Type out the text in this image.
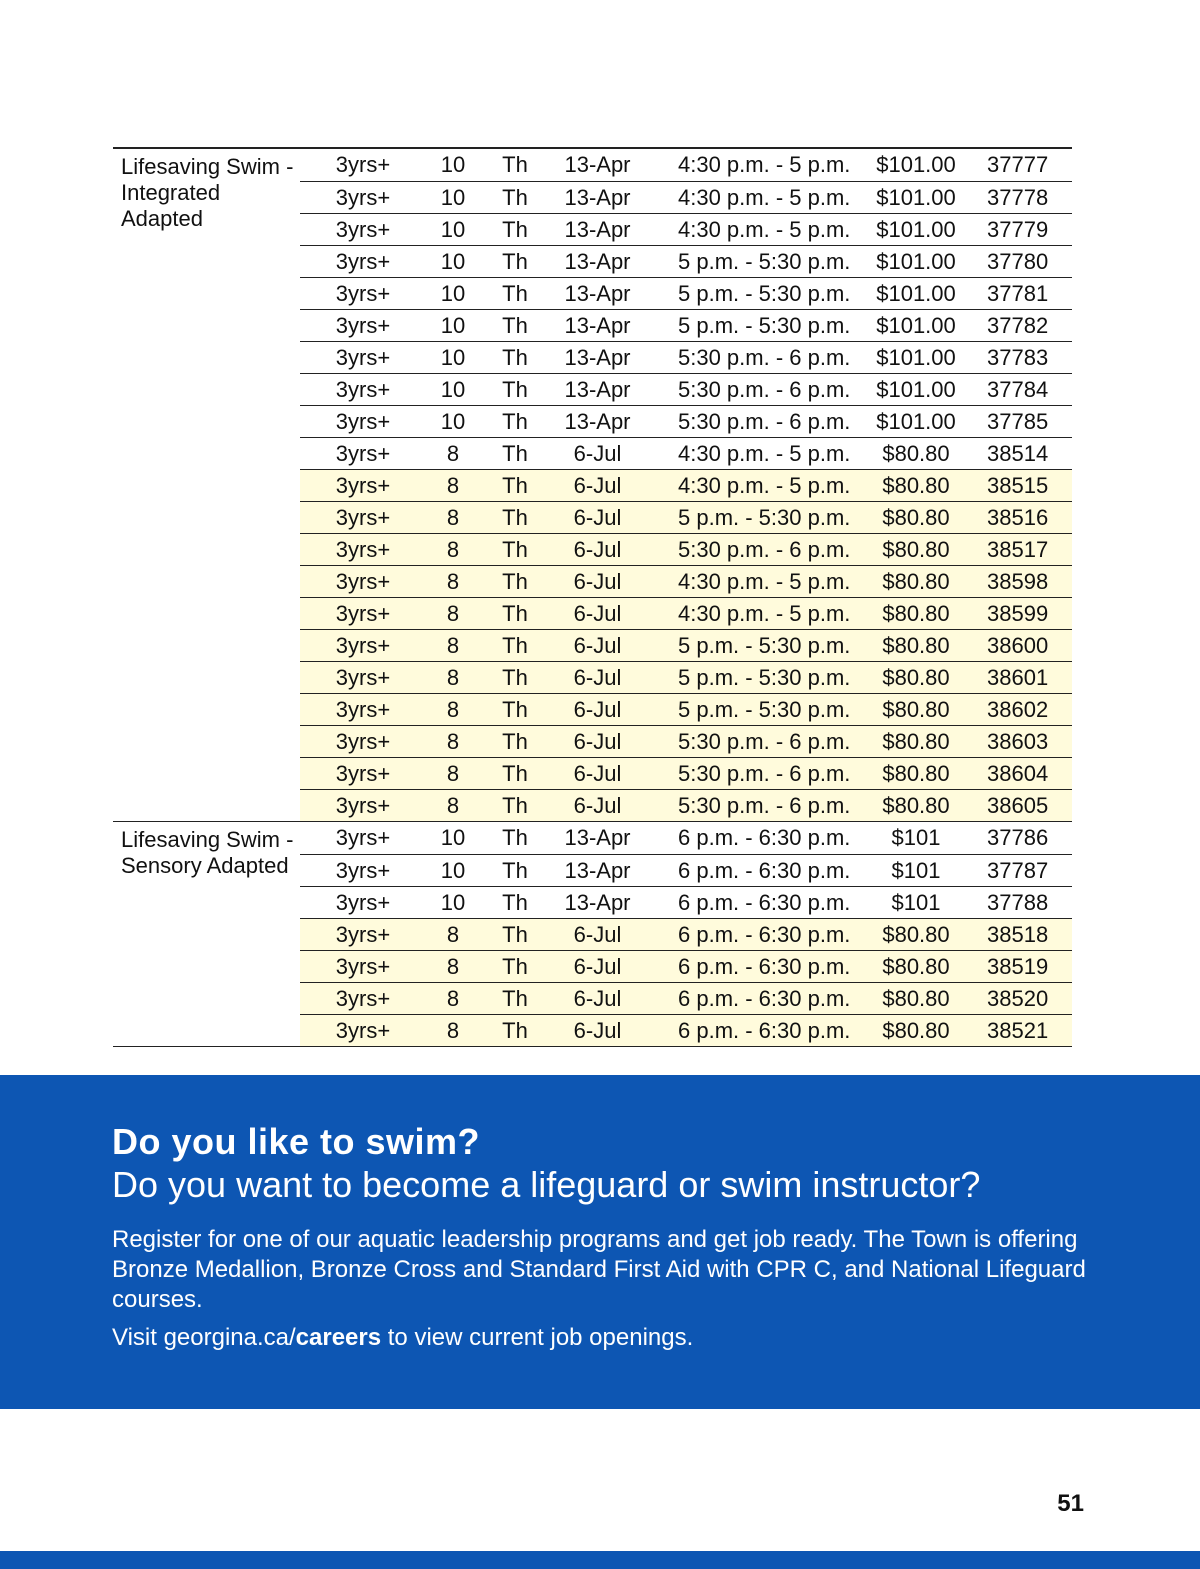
Lifesaving Swim - Integrated Adapted
3yrs+	10	Th	13-Apr	4:30 p.m. - 5 p.m.	$101.00	37777
3yrs+	10	Th	13-Apr	4:30 p.m. - 5 p.m.	$101.00	37778
3yrs+	10	Th	13-Apr	4:30 p.m. - 5 p.m.	$101.00	37779
3yrs+	10	Th	13-Apr	5 p.m. - 5:30 p.m.	$101.00	37780
3yrs+	10	Th	13-Apr	5 p.m. - 5:30 p.m.	$101.00	37781
3yrs+	10	Th	13-Apr	5 p.m. - 5:30 p.m.	$101.00	37782
3yrs+	10	Th	13-Apr	5:30 p.m. - 6 p.m.	$101.00	37783
3yrs+	10	Th	13-Apr	5:30 p.m. - 6 p.m.	$101.00	37784
3yrs+	10	Th	13-Apr	5:30 p.m. - 6 p.m.	$101.00	37785
3yrs+	8	Th	6-Jul	4:30 p.m. - 5 p.m.	$80.80	38514
3yrs+	8	Th	6-Jul	4:30 p.m. - 5 p.m.	$80.80	38515
3yrs+	8	Th	6-Jul	5 p.m. - 5:30 p.m.	$80.80	38516
3yrs+	8	Th	6-Jul	5:30 p.m. - 6 p.m.	$80.80	38517
3yrs+	8	Th	6-Jul	4:30 p.m. - 5 p.m.	$80.80	38598
3yrs+	8	Th	6-Jul	4:30 p.m. - 5 p.m.	$80.80	38599
3yrs+	8	Th	6-Jul	5 p.m. - 5:30 p.m.	$80.80	38600
3yrs+	8	Th	6-Jul	5 p.m. - 5:30 p.m.	$80.80	38601
3yrs+	8	Th	6-Jul	5 p.m. - 5:30 p.m.	$80.80	38602
3yrs+	8	Th	6-Jul	5:30 p.m. - 6 p.m.	$80.80	38603
3yrs+	8	Th	6-Jul	5:30 p.m. - 6 p.m.	$80.80	38604
3yrs+	8	Th	6-Jul	5:30 p.m. - 6 p.m.	$80.80	38605
Lifesaving Swim - Sensory Adapted
3yrs+	10	Th	13-Apr	6 p.m. - 6:30 p.m.	$101	37786
3yrs+	10	Th	13-Apr	6 p.m. - 6:30 p.m.	$101	37787
3yrs+	10	Th	13-Apr	6 p.m. - 6:30 p.m.	$101	37788
3yrs+	8	Th	6-Jul	6 p.m. - 6:30 p.m.	$80.80	38518
3yrs+	8	Th	6-Jul	6 p.m. - 6:30 p.m.	$80.80	38519
3yrs+	8	Th	6-Jul	6 p.m. - 6:30 p.m.	$80.80	38520
3yrs+	8	Th	6-Jul	6 p.m. - 6:30 p.m.	$80.80	38521
Do you like to swim?
Do you want to become a lifeguard or swim instructor?

Register for one of our aquatic leadership programs and get job ready. The Town is offering Bronze Medallion, Bronze Cross and Standard First Aid with CPR C, and National Lifeguard courses.

Visit georgina.ca/careers to view current job openings.

51
